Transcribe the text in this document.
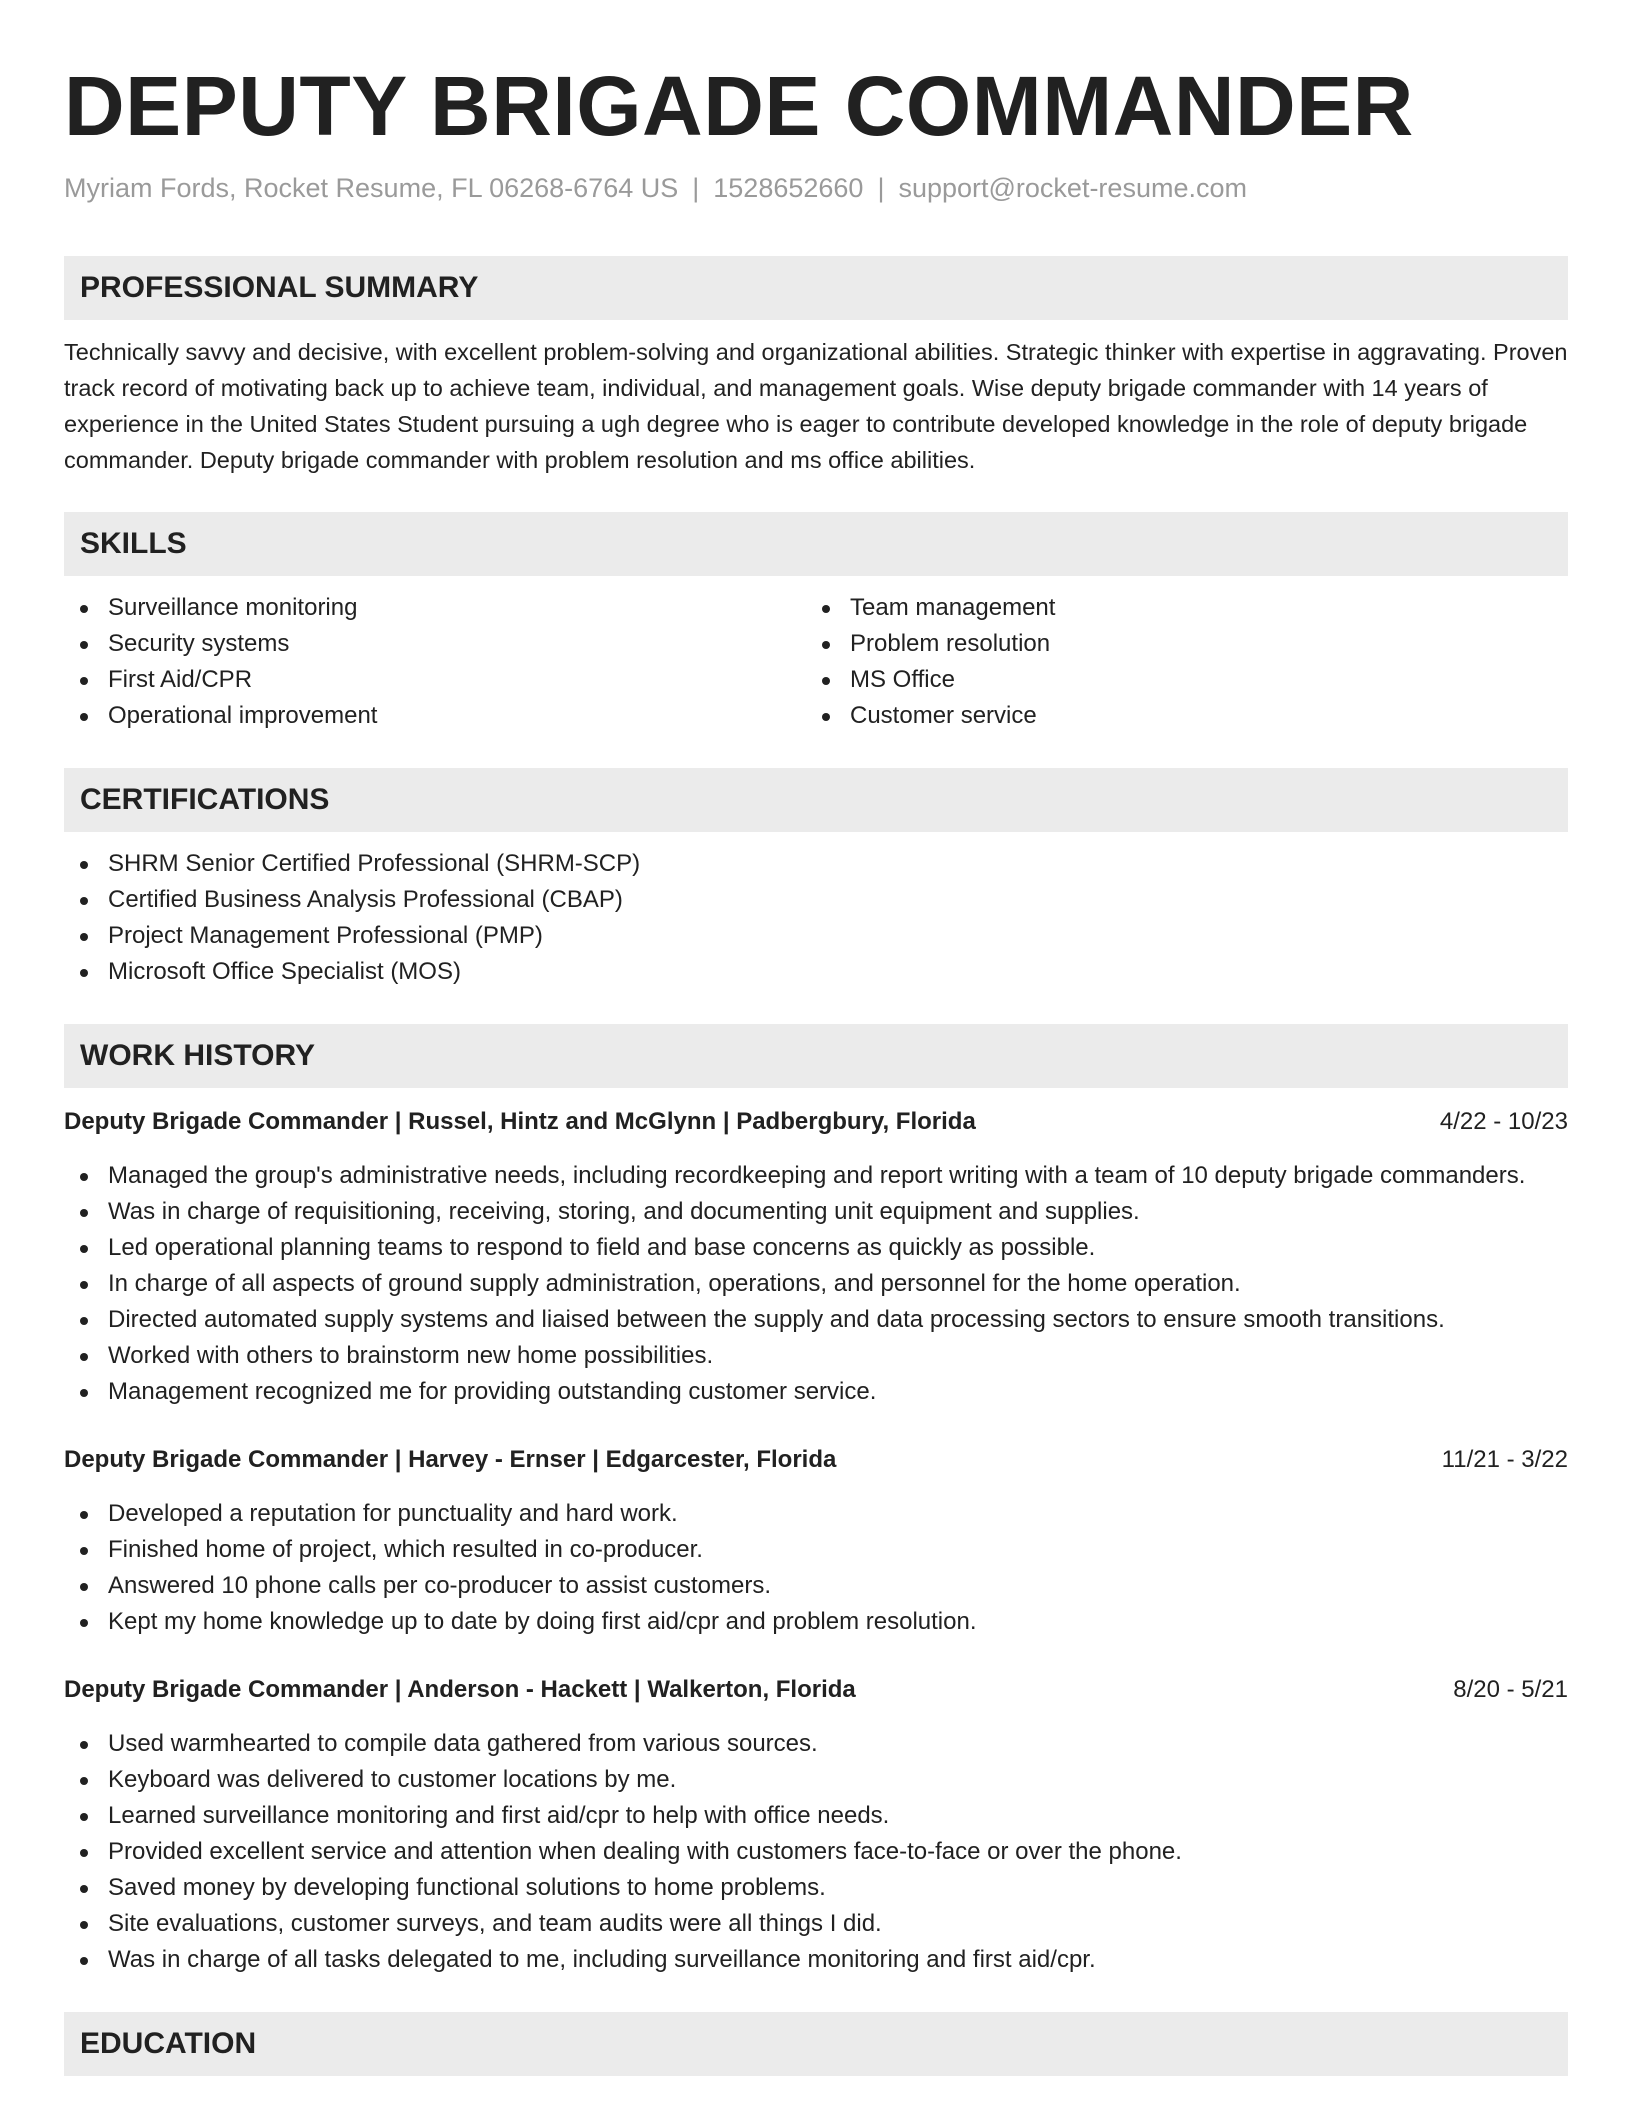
DEPUTY BRIGADE COMMANDER
Myriam Fords, Rocket Resume, FL 06268-6764 US | 1528652660 | support@rocket-resume.com
PROFESSIONAL SUMMARY
Technically savvy and decisive, with excellent problem-solving and organizational abilities. Strategic thinker with expertise in aggravating. Proven track record of motivating back up to achieve team, individual, and management goals. Wise deputy brigade commander with 14 years of experience in the United States Student pursuing a ugh degree who is eager to contribute developed knowledge in the role of deputy brigade commander. Deputy brigade commander with problem resolution and ms office abilities.
SKILLS
Surveillance monitoring
Security systems
First Aid/CPR
Operational improvement
Team management
Problem resolution
MS Office
Customer service
CERTIFICATIONS
SHRM Senior Certified Professional (SHRM-SCP)
Certified Business Analysis Professional (CBAP)
Project Management Professional (PMP)
Microsoft Office Specialist (MOS)
WORK HISTORY
Deputy Brigade Commander | Russel, Hintz and McGlynn | Padbergbury, Florida	4/22 - 10/23
Managed the group's administrative needs, including recordkeeping and report writing with a team of 10 deputy brigade commanders.
Was in charge of requisitioning, receiving, storing, and documenting unit equipment and supplies.
Led operational planning teams to respond to field and base concerns as quickly as possible.
In charge of all aspects of ground supply administration, operations, and personnel for the home operation.
Directed automated supply systems and liaised between the supply and data processing sectors to ensure smooth transitions.
Worked with others to brainstorm new home possibilities.
Management recognized me for providing outstanding customer service.
Deputy Brigade Commander | Harvey - Ernser | Edgarcester, Florida	11/21 - 3/22
Developed a reputation for punctuality and hard work.
Finished home of project, which resulted in co-producer.
Answered 10 phone calls per co-producer to assist customers.
Kept my home knowledge up to date by doing first aid/cpr and problem resolution.
Deputy Brigade Commander | Anderson - Hackett | Walkerton, Florida	8/20 - 5/21
Used warmhearted to compile data gathered from various sources.
Keyboard was delivered to customer locations by me.
Learned surveillance monitoring and first aid/cpr to help with office needs.
Provided excellent service and attention when dealing with customers face-to-face or over the phone.
Saved money by developing functional solutions to home problems.
Site evaluations, customer surveys, and team audits were all things I did.
Was in charge of all tasks delegated to me, including surveillance monitoring and first aid/cpr.
EDUCATION
